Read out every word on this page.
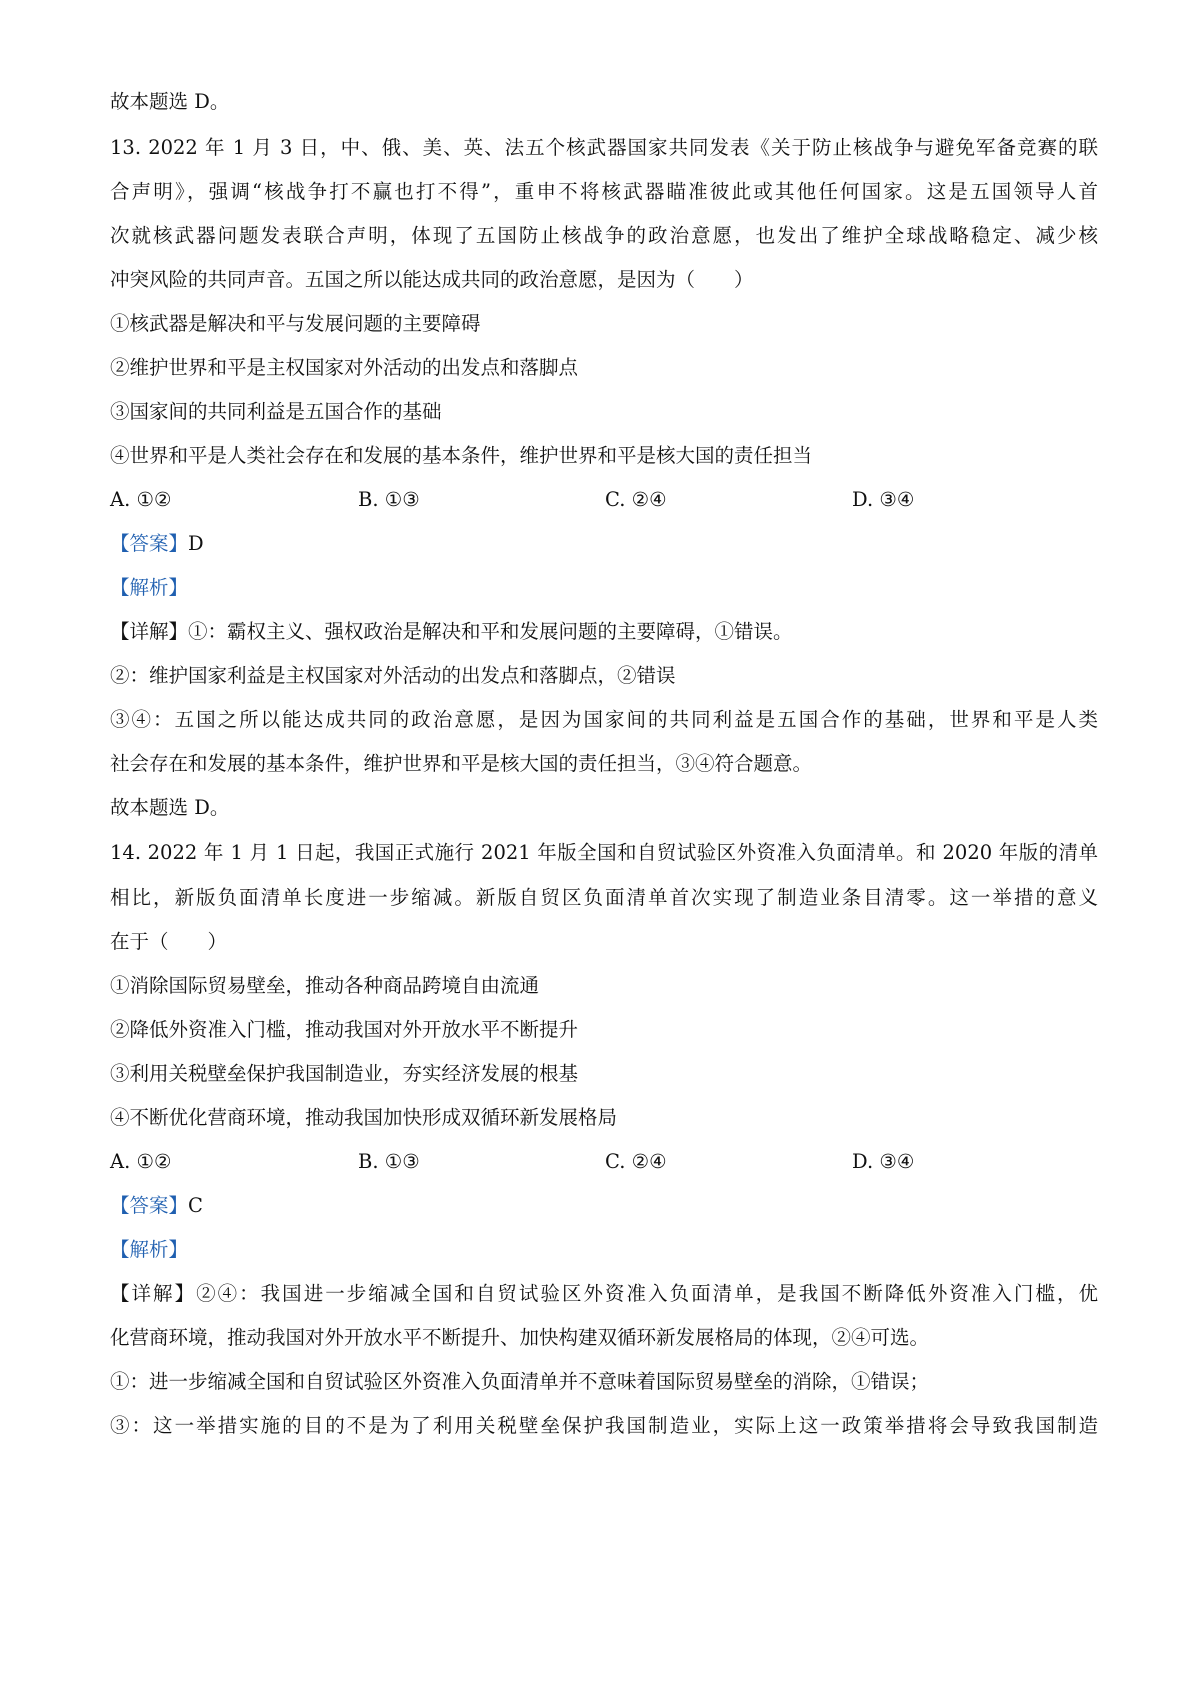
故本题选 D。
13. 2022 年 1 月 3 日，中、俄、美、英、法五个核武器国家共同发表《关于防止核战争与避免军备竞赛的联
合声明》，强调“核战争打不赢也打不得”，重申不将核武器瞄准彼此或其他任何国家。这是五国领导人首
次就核武器问题发表联合声明，体现了五国防止核战争的政治意愿，也发出了维护全球战略稳定、减少核
冲突风险的共同声音。五国之所以能达成共同的政治意愿，是因为（　　）
①核武器是解决和平与发展问题的主要障碍
②维护世界和平是主权国家对外活动的出发点和落脚点
③国家间的共同利益是五国合作的基础
④世界和平是人类社会存在和发展的基本条件，维护世界和平是核大国的责任担当
A. ①②	B. ①③	C. ②④	D. ③④
【答案】D
【解析】
【详解】①：霸权主义、强权政治是解决和平和发展问题的主要障碍，①错误。
②：维护国家利益是主权国家对外活动的出发点和落脚点，②错误
③④：五国之所以能达成共同的政治意愿，是因为国家间的共同利益是五国合作的基础，世界和平是人类
社会存在和发展的基本条件，维护世界和平是核大国的责任担当，③④符合题意。
故本题选 D。
14. 2022 年 1 月 1 日起，我国正式施行 2021 年版全国和自贸试验区外资准入负面清单。和 2020 年版的清单
相比，新版负面清单长度进一步缩减。新版自贸区负面清单首次实现了制造业条目清零。这一举措的意义
在于（　　）
①消除国际贸易壁垒，推动各种商品跨境自由流通
②降低外资准入门槛，推动我国对外开放水平不断提升
③利用关税壁垒保护我国制造业，夯实经济发展的根基
④不断优化营商环境，推动我国加快形成双循环新发展格局
A. ①②	B. ①③	C. ②④	D. ③④
【答案】C
【解析】
【详解】②④：我国进一步缩减全国和自贸试验区外资准入负面清单，是我国不断降低外资准入门槛，优
化营商环境，推动我国对外开放水平不断提升、加快构建双循环新发展格局的体现，②④可选。
①：进一步缩减全国和自贸试验区外资准入负面清单并不意味着国际贸易壁垒的消除，①错误；
③：这一举措实施的目的不是为了利用关税壁垒保护我国制造业，实际上这一政策举措将会导致我国制造
